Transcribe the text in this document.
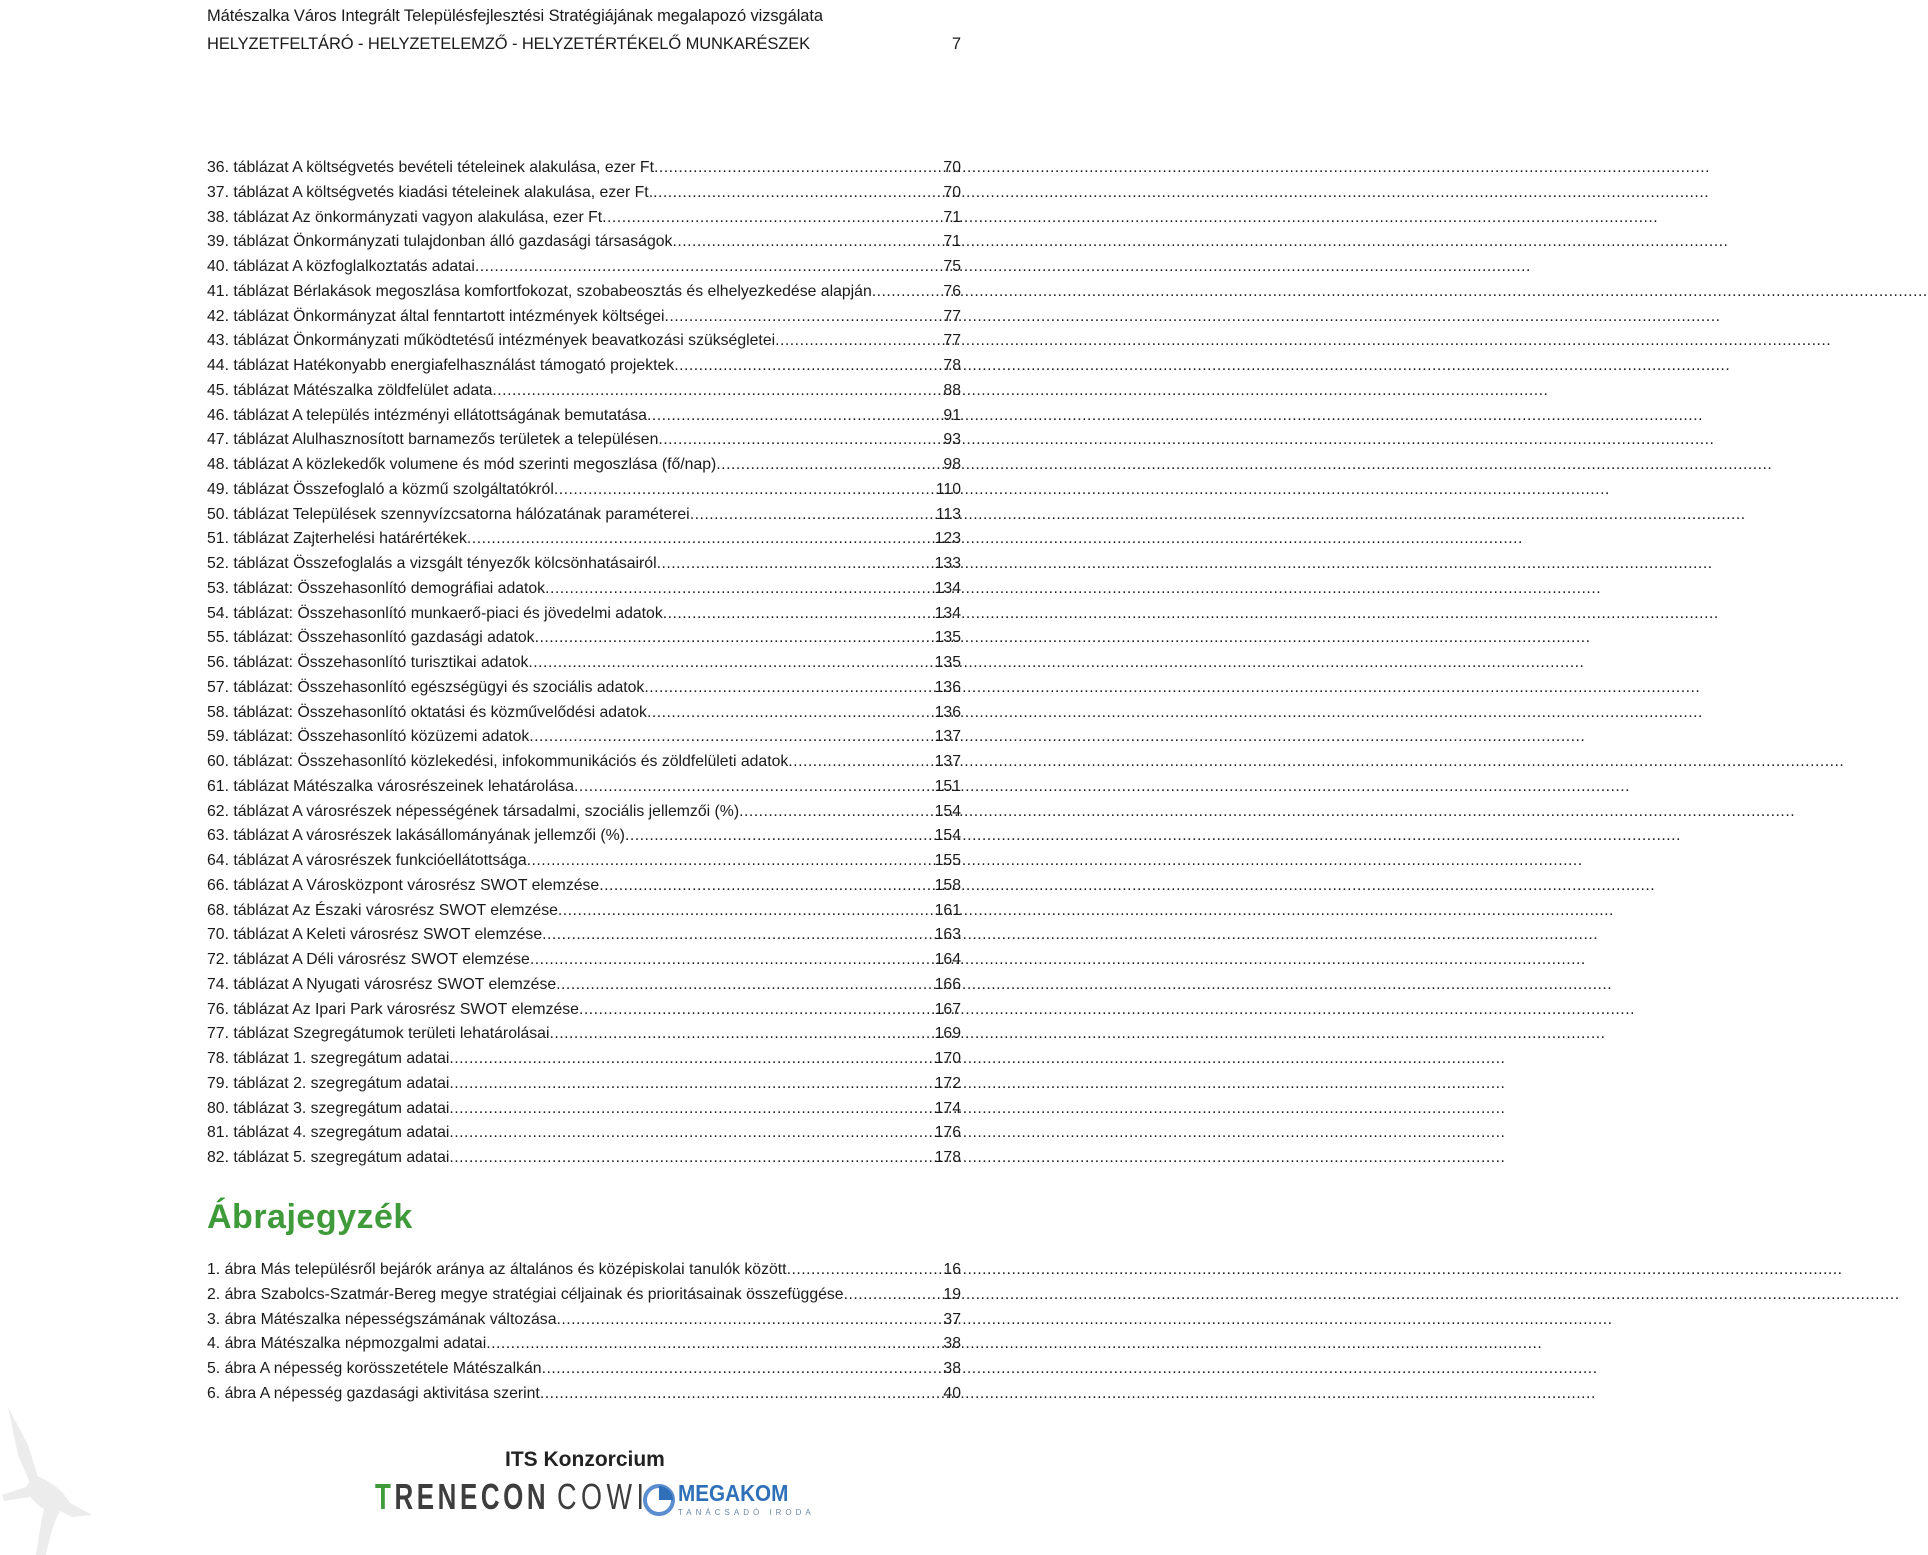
Mátészalka Város Integrált Településfejlesztési Stratégiájának megalapozó vizsgálata
HELYZETFELTÁRÓ - HELYZETELEMZŐ - HELYZETÉRTÉKELŐ MUNKARÉSZEK	7
36. táblázat A költségvetés bevételi tételeinek alakulása, ezer Ft .....	70
37. táblázat A költségvetés kiadási tételeinek alakulása, ezer Ft. .....	70
38. táblázat Az önkormányzati vagyon alakulása, ezer Ft .....	71
39. táblázat Önkormányzati tulajdonban álló gazdasági társaságok .....	71
40. táblázat A közfoglalkoztatás adatai .....	75
41. táblázat Bérlakások megoszlása komfortfokozat, szobabeosztás és elhelyezkedése alapján .....	76
42. táblázat Önkormányzat által fenntartott intézmények költségei .....	77
43. táblázat Önkormányzati működtetésű intézmények beavatkozási szükségletei .....	77
44. táblázat Hatékonyabb energiafelhasználást támogató projektek .....	78
45. táblázat Mátészalka zöldfelület adata .....	88
46. táblázat A település intézményi ellátottságának bemutatása .....	91
47. táblázat Alulhasznosított barnamezős területek a településen .....	93
48. táblázat A közlekedők volumene és mód szerinti megoszlása (fő/nap) .....	98
49. táblázat Összefoglaló a közmű szolgáltatókról .....	110
50. táblázat Települések szennyvízcsatorna hálózatának paraméterei .....	113
51. táblázat Zajterhelési határértékek .....	123
52. táblázat Összefoglalás a vizsgált tényezők kölcsönhatásairól .....	133
53. táblázat: Összehasonlító demográfiai adatok .....	134
54. táblázat: Összehasonlító munkaerő-piaci és jövedelmi adatok .....	134
55. táblázat: Összehasonlító gazdasági adatok .....	135
56. táblázat: Összehasonlító turisztikai adatok .....	135
57. táblázat: Összehasonlító egészségügyi és szociális adatok .....	136
58. táblázat: Összehasonlító oktatási és közművelődési adatok .....	136
59. táblázat: Összehasonlító közüzemi adatok .....	137
60. táblázat: Összehasonlító közlekedési, infokommunikációs és zöldfelületi adatok .....	137
61. táblázat Mátészalka városrészeinek lehatárolása .....	151
62. táblázat A városrészek népességének társadalmi, szociális jellemzői (%) .....	154
63. táblázat A városrészek lakásállományának jellemzői (%) .....	154
64. táblázat A városrészek funkcióellátottsága .....	155
66. táblázat A Városközpont városrész SWOT elemzése .....	158
68. táblázat Az Északi városrész SWOT elemzése .....	161
70. táblázat A Keleti városrész SWOT elemzése .....	163
72. táblázat A Déli városrész SWOT elemzése .....	164
74. táblázat A Nyugati városrész SWOT elemzése .....	166
76. táblázat Az Ipari Park városrész SWOT elemzése .....	167
77. táblázat Szegregátumok területi lehatárolásai .....	169
78. táblázat 1. szegregátum adatai .....	170
79. táblázat 2. szegregátum adatai .....	172
80. táblázat 3. szegregátum adatai .....	174
81. táblázat 4. szegregátum adatai .....	176
82. táblázat 5. szegregátum adatai .....	178
Ábrajegyzék
1. ábra Más településről bejárók aránya az általános és középiskolai tanulók között .....	16
2. ábra Szabolcs-Szatmár-Bereg megye stratégiai céljainak és prioritásainak összefüggése .....	19
3. ábra Mátészalka népességszámának változása .....	37
4. ábra Mátészalka népmozgalmi adatai .....	38
5. ábra A népesség korösszetétele Mátészalkán .....	38
6. ábra A népesség gazdasági aktivitása szerint .....	40
ITS Konzorcium
TRENECON COWI MEGAKOM
TANÁCSADÓ IRODA
